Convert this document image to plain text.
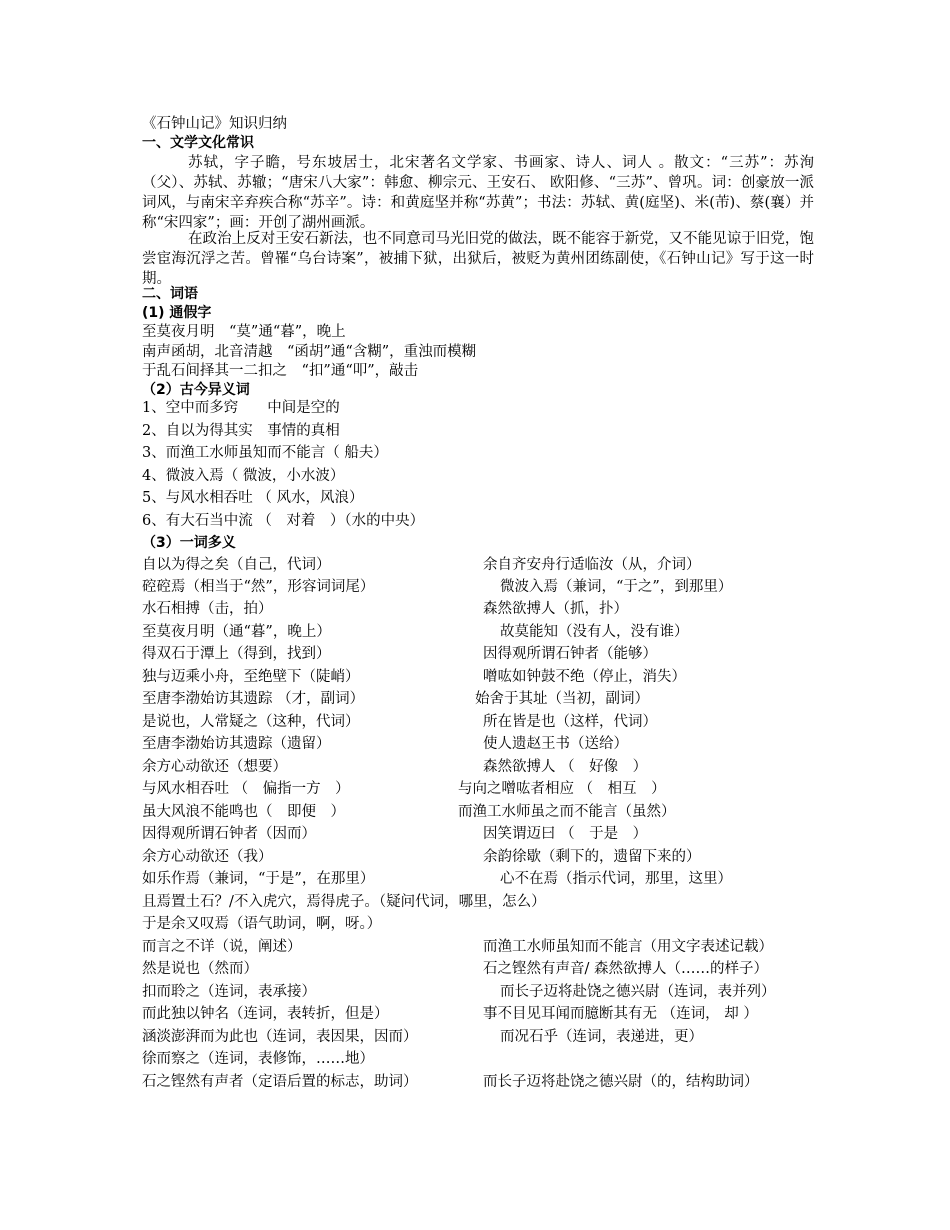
《石钟山记》知识归纳
一、文学文化常识
苏轼，字子瞻，号东坡居士，北宋著名文学家、书画家、诗人、词人 。散文：“三苏”：苏洵（父）、苏轼、苏辙；“唐宋八大家”：韩愈、柳宗元、王安石、 欧阳修、“三苏”、曾巩。词：创豪放一派词风，与南宋辛弃疾合称“苏辛”。诗：和黄庭坚并称“苏黄”；书法：苏轼、黄(庭坚)、米(芾)、蔡(襄）并称“宋四家”；画：开创了湖州画派。
在政治上反对王安石新法，也不同意司马光旧党的做法，既不能容于新党，又不能见谅于旧党，饱尝宦海沉浮之苦。曾罹“乌台诗案”，被捕下狱，出狱后，被贬为黄州团练副使，《石钟山记》写于这一时期。
二、词语
(1) 通假字
至莫夜月明　“莫”通“暮”，晚上
南声函胡，北音清越　“函胡”通“含糊”，重浊而模糊
于乱石间择其一二扣之　“扣”通“叩”，敲击
（2）古今异义词
1、空中而多窍　　中间是空的
2、自以为得其实　事情的真相
3、而渔工水师虽知而不能言（ 船夫）
4、微波入焉（ 微波，小水波）
5、与风水相吞吐 （ 风水，风浪）
6、有大石当中流 （　对着　）（水的中央）
（3）一词多义
自以为得之矣（自己，代词）	余自齐安舟行适临汝（从，介词）
硿硿焉（相当于“然”，形容词词尾）	微波入焉（兼词，“于之”，到那里）
水石相搏（击，拍）	森然欲搏人（抓，扑）
至莫夜月明（通“暮”，晚上）	故莫能知（没有人，没有谁）
得双石于潭上（得到，找到）	因得观所谓石钟者（能够）
独与迈乘小舟，至绝壁下（陡峭）	噌吰如钟鼓不绝（停止，消失）
至唐李渤始访其遗踪 （才，副词）	始舍于其址（当初，副词）
是说也，人常疑之（这种，代词）	所在皆是也（这样，代词）
至唐李渤始访其遗踪（遗留）	使人遗赵王书（送给）
余方心动欲还（想要）	森然欲搏人 （　好像　）
与风水相吞吐 （　偏指一方　）	与向之噌吰者相应 （　相互　）
虽大风浪不能鸣也（　即便　）	而渔工水师虽之而不能言（虽然）
因得观所谓石钟者（因而）	因笑谓迈曰 （　于是　）
余方心动欲还（我）	余韵徐歇（剩下的，遗留下来的）
如乐作焉（兼词，“于是”，在那里）	心不在焉（指示代词，那里，这里）
且焉置土石？/不入虎穴，焉得虎子。（疑问代词，哪里，怎么）
于是余又叹焉（语气助词，啊，呀。）
而言之不详（说，阐述）	而渔工水师虽知而不能言（用文字表述记载）
然是说也（然而）	石之铿然有声音/ 森然欲搏人（……的样子）
扣而聆之（连词，表承接）	而长子迈将赴饶之德兴尉（连词，表并列）
而此独以钟名（连词，表转折，但是）	事不目见耳闻而臆断其有无 （连词， 却 ）
涵淡澎湃而为此也（连词，表因果，因而）	而况石乎（连词，表递进，更）
徐而察之（连词，表修饰，……地）
石之铿然有声者（定语后置的标志，助词）	而长子迈将赴饶之德兴尉（的，结构助词）
